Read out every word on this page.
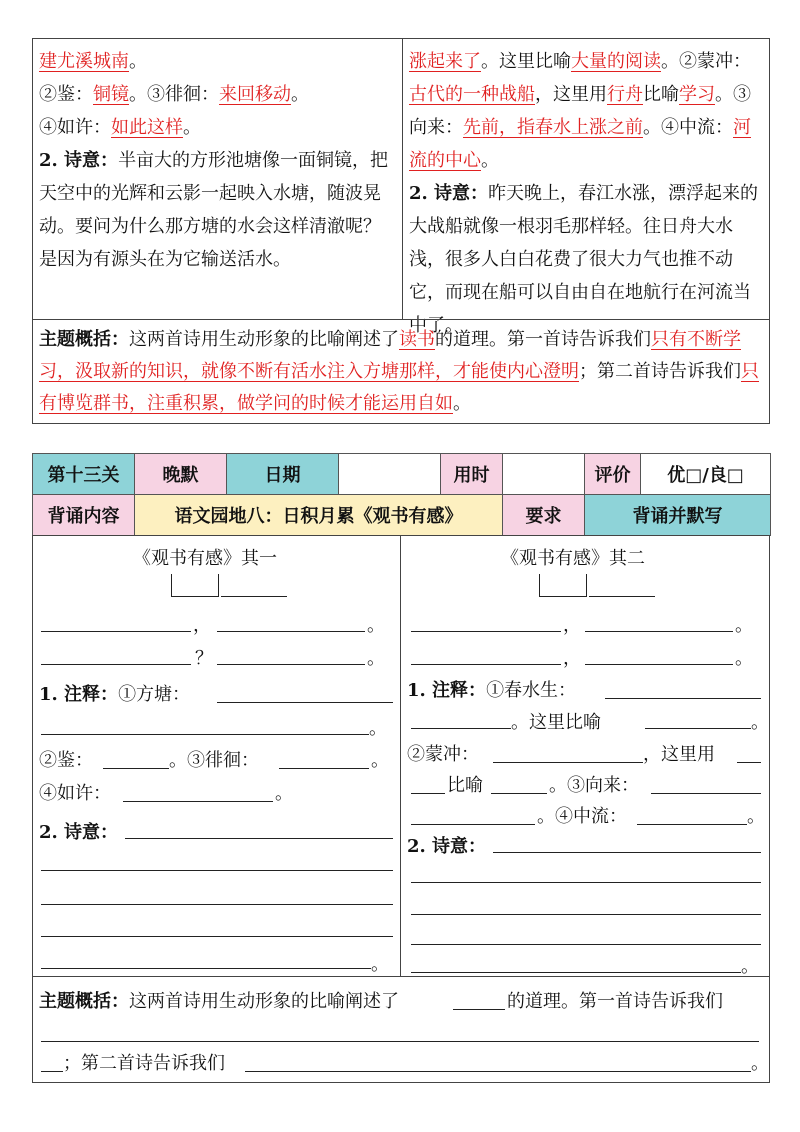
建尤溪城南。
②鉴：铜镜。③徘徊：来回移动。
④如许：如此这样。
2. 诗意：半亩大的方形池塘像一面铜镜，把天空中的光辉和云影一起映入水塘，随波晃动。要问为什么那方塘的水会这样清澈呢？是因为有源头在为它输送活水。
涨起来了。这里比喻大量的阅读。②蒙冲：古代的一种战船，这里用行舟比喻学习。③向来：先前，指春水上涨之前。④中流：河流的中心。
2. 诗意：昨天晚上，春江水涨，漂浮起来的大战船就像一根羽毛那样轻。往日舟大水浅，很多人白白花费了很大力气也推不动它，而现在船可以自由自在地航行在河流当中了。
主题概括：这两首诗用生动形象的比喻阐述了读书的道理。第一首诗告诉我们只有不断学习，汲取新的知识，就像不断有活水注入方塘那样，才能使内心澄明；第二首诗告诉我们只有博览群书，注重积累，做学问的时候才能运用自如。
第十三关	晚默	日期		用时		评价	优□/良□
背诵内容	语文园地八：日积月累《观书有感》				要求	背诵并默写	
《观书有感》其一
，	。
？	。
1. 注释：①方塘：
。
②鉴：	。③徘徊：	。
④如许：	。
2. 诗意：
。
《观书有感》其二
，	。
，	。
1. 注释：①春水生：
。这里比喻	。
②蒙冲：	，这里用
比喻	。③向来：
。④中流：	。
2. 诗意：
。
主题概括：这两首诗用生动形象的比喻阐述了	的道理。第一首诗告诉我们
；第二首诗告诉我们	。
